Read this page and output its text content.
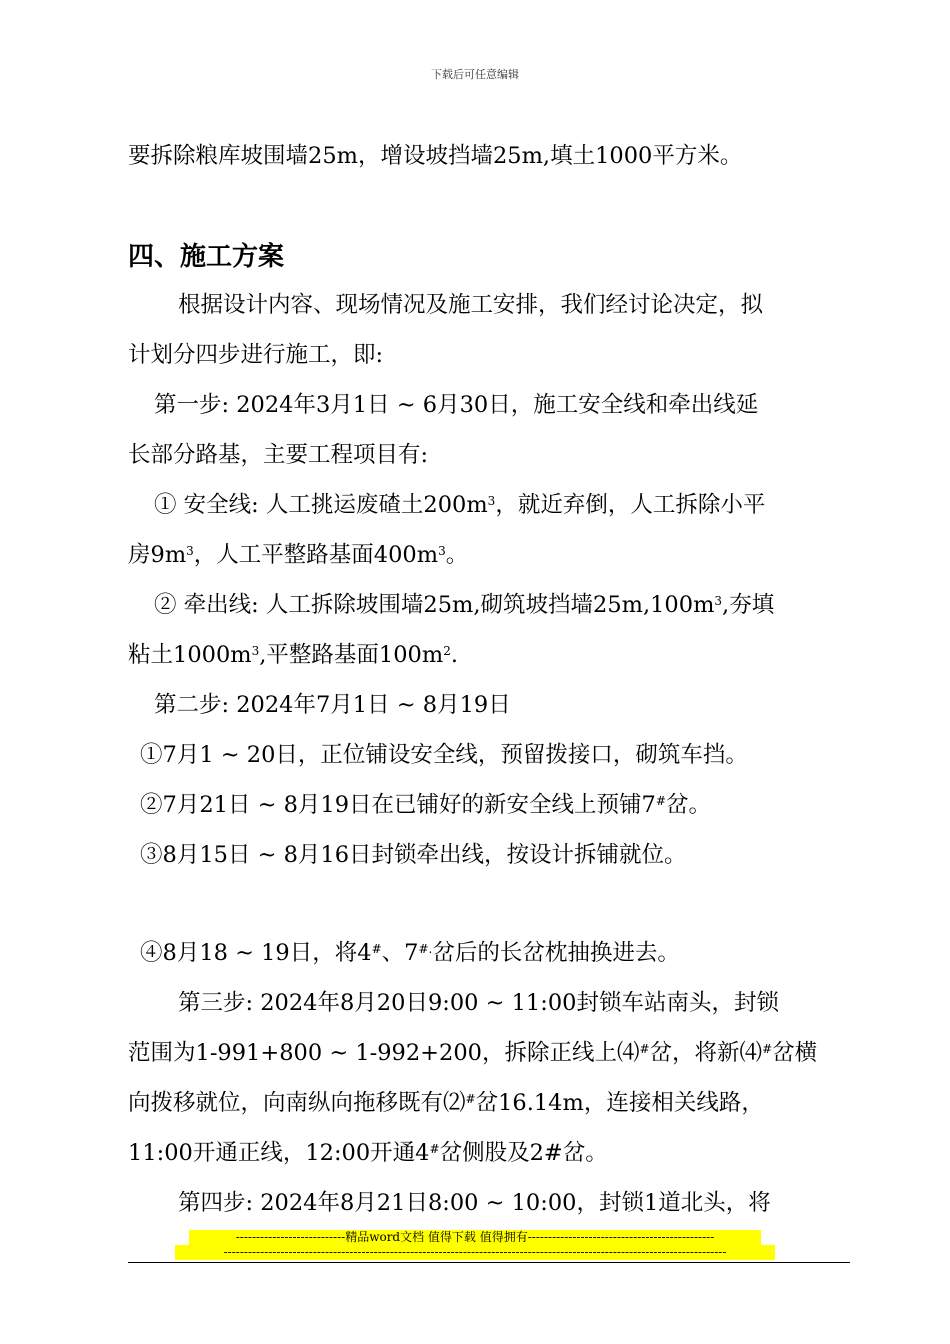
下载后可任意编辑
要拆除粮库坡围墙25m，增设坡挡墙25m,填土1000平方米。
四、施工方案
根据设计内容、现场情况及施工安排，我们经讨论决定，拟
计划分四步进行施工，即:
第一步: 2024年3月1日 ~ 6月30日，施工安全线和牵出线延
长部分路基，主要工程项目有:
① 安全线: 人工挑运废碴土$200m^3$，就近弃倒，人工拆除小平
房$9m^3$，人工平整路基面$400m^3$。
② 牵出线: 人工拆除坡围墙25m,砌筑坡挡墙$25m,100m^3$,夯填
粘土$1000m^3$,平整路基面$100m^2$.
第二步: 2024年7月1日 ~ 8月19日
①7月1 ~ 20日，正位铺设安全线，预留拨接口，砌筑车挡。
②7月21日 ~ 8月19日在已铺好的新安全线上预铺7#岔。
③8月15日 ~ 8月16日封锁牵出线，按设计拆铺就位。
④8月18 ~ 19日，将4#、7#.岔后的长岔枕抽换进去。
第三步: 2024年8月20日9:00 ~ 11:00封锁车站南头，封锁
范围为1-991+800 ~ 1-992+200，拆除正线上⑷#岔，将新⑷#岔横
向拨移就位，向南纵向拖移既有⑵#岔16.14m，连接相关线路，
11:00开通正线，12:00开通4#岔侧股及2#岔。
第四步: 2024年8月21日8:00 ~ 10:00，封锁1道北头，将
---------------------------精品word文档 值得下载 值得拥有----------------------------------------------
----------------------------------------------------------------------------------------------------------------------------
